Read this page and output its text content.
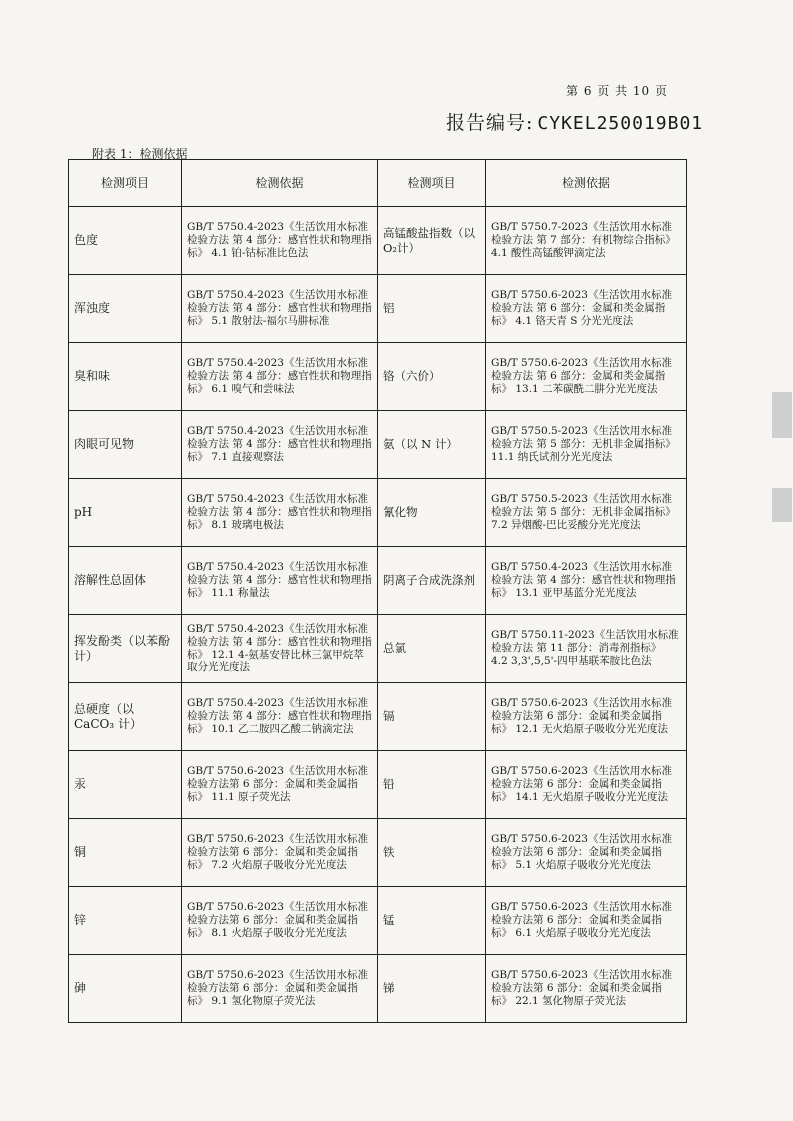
第 6 页 共 10 页
报告编号: CYKEL250019B01
附表 1：检测依据
检测项目	检测依据	检测项目	检测依据
色度	GB/T 5750.4-2023《生活饮用水标准检验方法 第 4 部分：感官性状和物理指标》 4.1 铂-钴标准比色法	高锰酸盐指数（以O₂计）	GB/T 5750.7-2023《生活饮用水标准检验方法 第 7 部分：有机物综合指标》 4.1 酸性高锰酸钾滴定法
浑浊度	GB/T 5750.4-2023《生活饮用水标准检验方法 第 4 部分：感官性状和物理指标》 5.1 散射法-福尔马肼标准	铝	GB/T 5750.6-2023《生活饮用水标准检验方法 第 6 部分：金属和类金属指标》 4.1 铬天青 S 分光光度法
臭和味	GB/T 5750.4-2023《生活饮用水标准检验方法 第 4 部分：感官性状和物理指标》 6.1 嗅气和尝味法	铬（六价）	GB/T 5750.6-2023《生活饮用水标准检验方法 第 6 部分：金属和类金属指标》 13.1 二苯碳酰二肼分光光度法
肉眼可见物	GB/T 5750.4-2023《生活饮用水标准检验方法 第 4 部分：感官性状和物理指标》 7.1 直接观察法	氨（以 N 计）	GB/T 5750.5-2023《生活饮用水标准检验方法 第 5 部分：无机非金属指标》 11.1 纳氏试剂分光光度法
pH	GB/T 5750.4-2023《生活饮用水标准检验方法 第 4 部分：感官性状和物理指标》 8.1 玻璃电极法	氰化物	GB/T 5750.5-2023《生活饮用水标准检验方法 第 5 部分：无机非金属指标》 7.2 异烟酸-巴比妥酸分光光度法
溶解性总固体	GB/T 5750.4-2023《生活饮用水标准检验方法 第 4 部分：感官性状和物理指标》 11.1 称量法	阴离子合成洗涤剂	GB/T 5750.4-2023《生活饮用水标准检验方法 第 4 部分：感官性状和物理指标》 13.1 亚甲基蓝分光光度法
挥发酚类（以苯酚计）	GB/T 5750.4-2023《生活饮用水标准检验方法 第 4 部分：感官性状和物理指标》 12.1 4-氨基安替比林三氯甲烷萃取分光光度法	总氯	GB/T 5750.11-2023《生活饮用水标准检验方法 第 11 部分：消毒剂指标》 4.2 3,3',5,5'-四甲基联苯胺比色法
总硬度（以 CaCO₃ 计）	GB/T 5750.4-2023《生活饮用水标准检验方法 第 4 部分：感官性状和物理指标》 10.1 乙二胺四乙酸二钠滴定法	镉	GB/T 5750.6-2023《生活饮用水标准检验方法第 6 部分：金属和类金属指标》 12.1 无火焰原子吸收分光光度法
汞	GB/T 5750.6-2023《生活饮用水标准检验方法第 6 部分：金属和类金属指标》 11.1 原子荧光法	铅	GB/T 5750.6-2023《生活饮用水标准检验方法第 6 部分：金属和类金属指标》 14.1 无火焰原子吸收分光光度法
铜	GB/T 5750.6-2023《生活饮用水标准检验方法第 6 部分：金属和类金属指标》 7.2 火焰原子吸收分光光度法	铁	GB/T 5750.6-2023《生活饮用水标准检验方法第 6 部分：金属和类金属指标》 5.1 火焰原子吸收分光光度法
锌	GB/T 5750.6-2023《生活饮用水标准检验方法第 6 部分：金属和类金属指标》 8.1 火焰原子吸收分光光度法	锰	GB/T 5750.6-2023《生活饮用水标准检验方法第 6 部分：金属和类金属指标》 6.1 火焰原子吸收分光光度法
砷	GB/T 5750.6-2023《生活饮用水标准检验方法第 6 部分：金属和类金属指标》 9.1 氢化物原子荧光法	锑	GB/T 5750.6-2023《生活饮用水标准检验方法第 6 部分：金属和类金属指标》 22.1 氢化物原子荧光法
